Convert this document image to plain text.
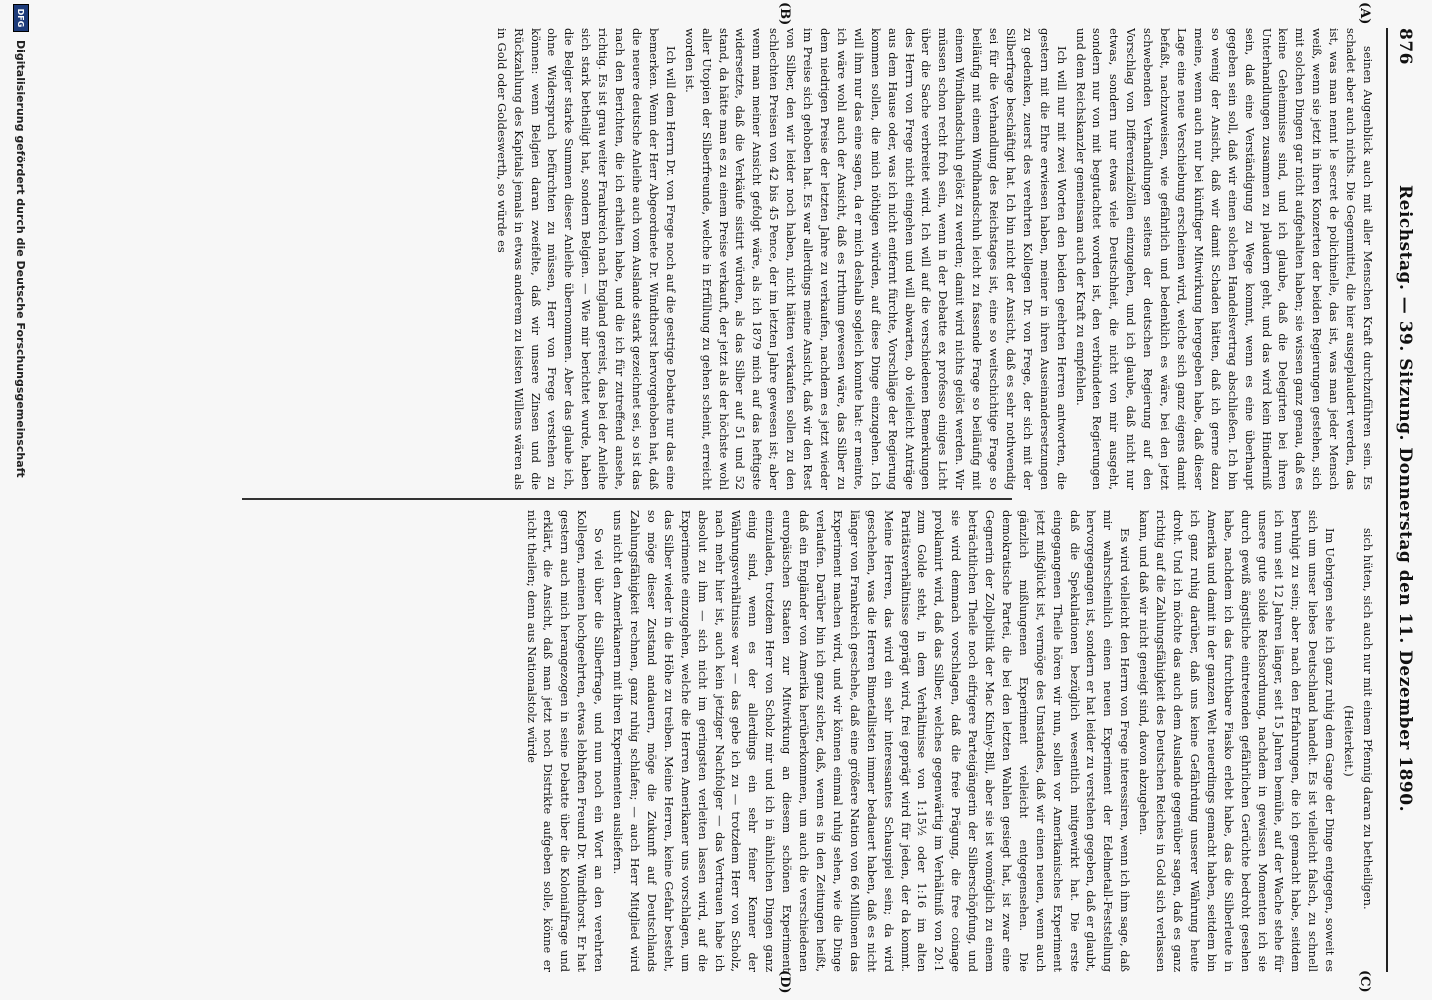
876
Reichstag. — 39. Sitzung. Donnerstag den 11. Dezember 1890.
(A)
(B)
(C)
(D)

seinen Augenblick auch mit aller Menschen Kraft durchzuführen sein. Es schadet aber auch nichts. Die Gegenmittel, die hier ausgeplaudert werden, das ist, was man nennt le secret de polichinelle, das ist, was man jeder Mensch weiß, wenn sie jetzt in ihren Konzerten der beiden Regierungen gestehen, sich mit solchen Dingen gar nicht aufgehalten haben; sie wissen ganz genau, daß es keine Geheimnisse sind, und ich glaube, daß die Delegirten bei ihren Unterhandlungen zusammen zu plaudern geht, und das wird kein Hinderniß sein, daß eine Verständigung zu Wege kommt, wenn es eine überhaupt gegeben sein soll, daß wir einen solchen Handelsvertrag abschließen. Ich bin so wenig der Ansicht, daß wir damit Schaden hätten, daß ich gerne dazu meine, wenn auch nur bei künftiger Mitwirkung hergegeben habe, daß dieser Lage eine neue Verschiebung erscheinen wird, welche sich ganz eigens damit befaßt, nachzuweisen, wie gefährlich und bedenklich es wäre, bei den jetzt schwebenden Verhandlungen seitens der deutschen Regierung auf den Vorschlag von Differenzialzöllen einzugehen, und ich glaube, daß nicht nur etwas, sondern nur etwas viele Deutschheit, die nicht von mir ausgeht, sondern nur von mit begutachtet worden ist, den verbündeten Regierungen und dem Reichskanzler gemeinsam auch der Kraft zu empfehlen.

Ich will nur mit zwei Worten den beiden geehrten Herren antworten, die gestern mit die Ehre erwiesen haben, meiner in ihren Auseinandersetzungen zu gedenken, zuerst des verehrten Kollegen Dr. von Frege, der sich mit der Silberfrage beschäftigt hat. Ich bin nicht der Ansicht, daß es sehr nothwendig sei für die Verhandlung des Reichstages ist, eine so weitschichtige Frage so beiläufig mit einem Windhandschuh leicht zu fassende Frage so beiläufig mit einem Windhandschuh gelöst zu werden; damit wird nichts gelöst werden. Wir müssen schon recht froh sein, wenn in der Debatte ex professo einiges Licht über die Sache verbreitet wird. Ich will auf die verschiedenen Bemerkungen des Herrn von Frege nicht eingehen und will abwarten, ob vielleicht Anträge aus dem Hause oder, was ich nicht entfernt fürchte, Vorschläge der Regierung kommen sollen, die mich nöthigen würden, auf diese Dinge einzugehen. Ich will ihm nur das eine sagen, da er mich deshalb sogleich konnte hat: er meinte, ich wäre wohl auch der Ansicht, daß es Irrthum gewesen wäre, das Silber zu dem niedrigen Preise der letzten Jahre zu verkaufen, nachdem es jetzt wieder im Preise sich gehoben hat. Es war allerdings meine Ansicht, daß wir den Rest von Silber, den wir leider noch haben, nicht hätten verkaufen sollen zu den schlechten Preisen von 42 bis 45 Pence, der im letzten Jahre gewesen ist; aber wenn man meiner Ansicht gefolgt wäre, als ich 1879 mich auf das heftigste widersetzte, daß die Verkäufe sistirt würden, als das Silber auf 51 und 52 stand, da hätte man es zu einem Preise verkauft, der jetzt als der höchste wohl aller Utopien der Silberfreunde, welche in Erfüllung zu gehen scheint, erreicht worden ist.

Ich will dem Herrn Dr. von Frege noch auf die gestrige Debatte nur das eine bemerken. Wenn der Herr Abgeordnete Dr. Windthorst hervorgehoben hat, daß die neuere deutsche Anleihe auch vom Auslande stark gezeichnet sei, so ist das nach den Berichten, die ich erhalten habe, und die ich für zutreffend ansehe, richtig. Es ist grau weiter Frankreich nach England gereist, das bei der Anleihe sich stark betheiligt hat, sondern Belgien. — Wie mir berichtet wurde, haben die Belgier starke Summen dieser Anleihe übernommen. Aber das glaube ich, ohne Widerspruch befürchten zu müssen, Herr von Frege verstehen zu können: wenn Belgien daran zweifelte, daß wir unsere Zinsen und die Rückzahlung des Kapitals jemals in etwas anderem zu leisten Willens wären als in Gold oder Goldeswerth, so würde es

sich hüten, sich auch nur mit einem Pfennig daran zu betheiligen.

(Heiterkeit.)

Im Uebrigen sehe ich ganz ruhig dem Gange der Dinge entgegen, soweit es sich um unser liebes Deutschland handelt. Es ist vielleicht falsch, zu schnell beruhigt zu sein; aber nach den Erfahrungen, die ich gemacht habe, seitdem ich nun seit 12 Jahren länger, seit 15 Jahren bemühe, auf der Wache stehe für unsere gute solide Reichsordnung, nachdem in gewissen Momenten ich sie durch gewiß ängstliche eintretenden gefährlichen Gerüchte bedroht gesehen habe, nachdem ich das furchtbare Fiasko erlebt habe, das die Silberleute in Amerika und damit in der ganzen Welt neuerdings gemacht haben, seitdem bin ich ganz ruhig darüber, daß uns keine Gefährdung unserer Währung heute droht. Und ich möchte das auch dem Auslande gegenüber sagen, daß es ganz richtig auf die Zahlungsfähigkeit des Deutschen Reiches in Gold sich verlassen kann, und daß wir nicht geneigt sind, davon abzugehen.

Es wird vielleicht den Herrn von Frege interessiren, wenn ich ihm sage, daß mir wahrscheinlich einen neuen Experiment der Edelmetall-Feststellung hervorgegangen ist, sondern er hat leider zu verstehen gegeben, daß er glaubt, daß die Spekulationen bezüglich wesentlich mitgewirkt hat. Die erste eingegangenen Theile hören wir nun, sollen vor Amerikanisches Experiment jetzt mißglückt ist, vermöge des Umstandes, daß wir einen neuen, wenn auch gänzlich mißlungenen Experiment vielleicht entgegensehen. Die demokratische Partei, die bei den letzten Wahlen gesiegt hat, ist zwar eine Gegnerin der Zollpolitik der Mac Kinley-Bill, aber sie ist womöglich zu einem beträchtlichen Theile noch eifrigere Parteigängerin der Silberschöpfung, und sie wird demnach vorschlagen, daß die freie Prägung, die free coinage proklamirt wird, daß das Silber, welches gegenwärtig im Verhältniß von 20:1 zum Golde steht, in dem Verhältnisse von 1:15½ oder 1:16 im alten Paritätsverhältnisse geprägt wird, frei geprägt wird für jeden, der da kommt. Meine Herren, das wird ein sehr interessantes Schauspiel sein; da wird geschehen, was die Herren Bimetallisten immer bedauert haben, daß es nicht länger von Frankreich geschehe, daß eine größere Nation von 66 Millionen das Experiment machen wird, und wir können einmal ruhig sehen, wie die Dinge verlaufen. Darüber bin ich ganz sicher, daß, wenn es in den Zeitungen heißt, daß ein Engländer von Amerika herüberkommen, um auch die verschiedenen europäischen Staaten zur Mitwirkung an diesem schönen Experiment einzuladen, trotzdem Herr von Scholz mir und ich in ähnlichen Dingen ganz einig sind, wenn es der allerdings ein sehr feiner Kenner der Währungsverhältnisse war — das gebe ich zu — trotzdem Herr von Scholz, nach mehr hier ist, auch kein jetziger Nachfolger — das Vertrauen habe ich absolut zu ihm — sich nicht im geringsten verleiten lassen wird, auf die Experimente einzugehen, welche die Herren Amerikaner uns vorschlagen, um das Silber wieder in die Höhe zu treiben. Meine Herren, keine Gefahr besteht, so möge dieser Zustand andauern, möge die Zukunft auf Deutschlands Zahlungsfähigkeit rechnen, ganz ruhig schlafen; — auch Herr Mitglied wird uns nicht den Amerikanern mit ihren Experimenten ausliefern.

So viel über die Silberfrage, und nun noch ein Wort an den verehrten Kollegen, meinen hochgeehrten, etwas lebhaften Freund Dr. Windthorst. Er hat gestern auch mich herangezogen in seine Debatte über die Kolonialfrage und erklärt, die Ansicht, daß man jetzt noch Distrikte aufgeben solle, könne er nicht theilen; denn aus Nationalstolz würde

DFG
Digitalisierung gefördert durch die Deutsche Forschungsgemeinschaft
